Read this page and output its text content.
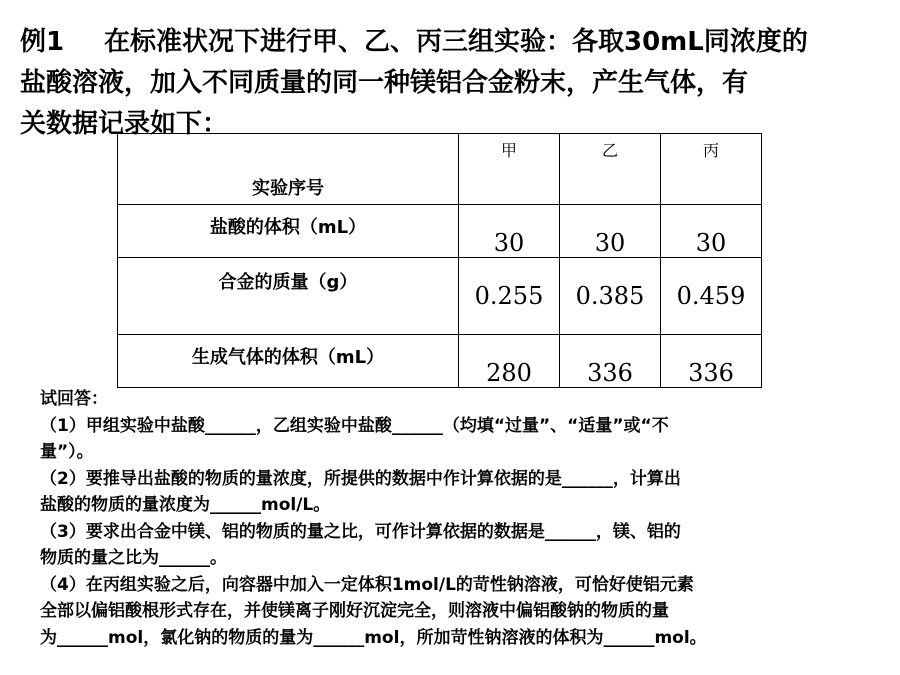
例1 在标准状况下进行甲、乙、丙三组实验：各取30mL同浓度的
盐酸溶液，加入不同质量的同一种镁铝合金粉末，产生气体，有
关数据记录如下：
实验序号	甲	乙	丙
盐酸的体积（mL）	30	30	30
合金的质量（g）	0.255	0.385	0.459
生成气体的体积（mL）	280	336	336

试回答：

（1）甲组实验中盐酸______，乙组实验中盐酸______（均填“过量”、“适量”或“不

量”）。

（2）要推导出盐酸的物质的量浓度，所提供的数据中作计算依据的是______，计算出

盐酸的物质的量浓度为______mol/L。

（3）要求出合金中镁、铝的物质的量之比，可作计算依据的数据是______，镁、铝的

物质的量之比为______。

（4）在丙组实验之后，向容器中加入一定体积1mol/L的苛性钠溶液，可恰好使铝元素

全部以偏铝酸根形式存在，并使镁离子刚好沉淀完全，则溶液中偏铝酸钠的物质的量

为______mol，氯化钠的物质的量为______mol，所加苛性钠溶液的体积为______mol。
